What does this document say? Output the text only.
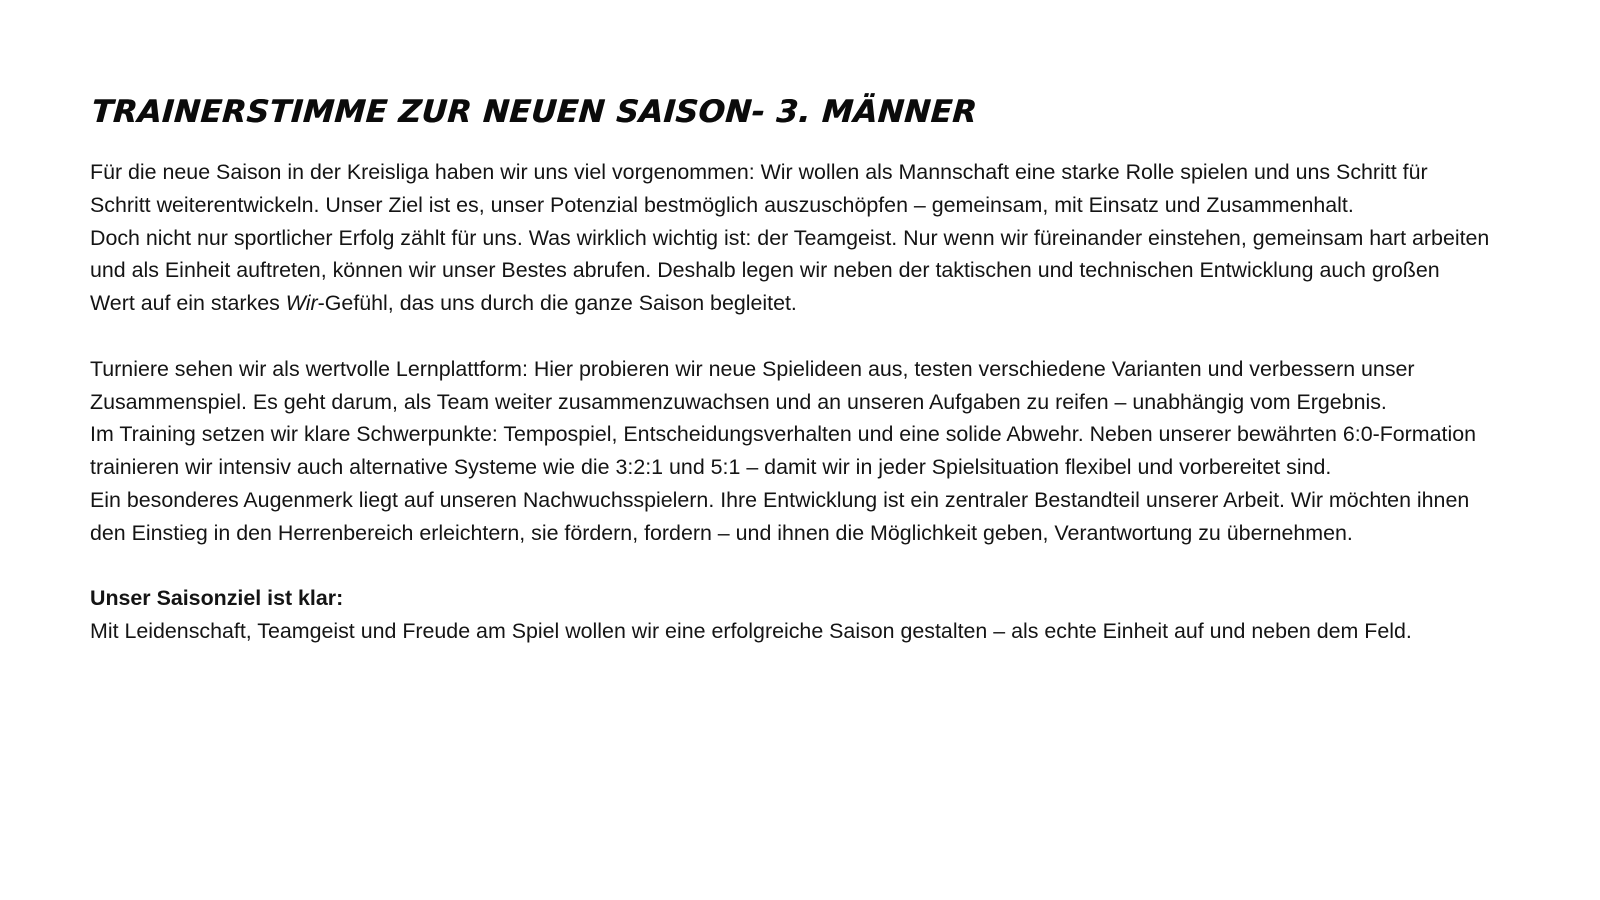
TRAINERSTIMME ZUR NEUEN SAISON- 3. MÄNNER

Für die neue Saison in der Kreisliga haben wir uns viel vorgenommen: Wir wollen als Mannschaft eine starke Rolle spielen und uns Schritt für Schritt weiterentwickeln. Unser Ziel ist es, unser Potenzial bestmöglich auszuschöpfen – gemeinsam, mit Einsatz und Zusammenhalt.

Doch nicht nur sportlicher Erfolg zählt für uns. Was wirklich wichtig ist: der Teamgeist. Nur wenn wir füreinander einstehen, gemeinsam hart arbeiten und als Einheit auftreten, können wir unser Bestes abrufen. Deshalb legen wir neben der taktischen und technischen Entwicklung auch großen Wert auf ein starkes Wir-Gefühl, das uns durch die ganze Saison begleitet.

Turniere sehen wir als wertvolle Lernplattform: Hier probieren wir neue Spielideen aus, testen verschiedene Varianten und verbessern unser Zusammenspiel. Es geht darum, als Team weiter zusammenzuwachsen und an unseren Aufgaben zu reifen – unabhängig vom Ergebnis.

Im Training setzen wir klare Schwerpunkte: Tempospiel, Entscheidungsverhalten und eine solide Abwehr. Neben unserer bewährten 6:0-Formation trainieren wir intensiv auch alternative Systeme wie die 3:2:1 und 5:1 – damit wir in jeder Spielsituation flexibel und vorbereitet sind.

Ein besonderes Augenmerk liegt auf unseren Nachwuchsspielern. Ihre Entwicklung ist ein zentraler Bestandteil unserer Arbeit. Wir möchten ihnen den Einstieg in den Herrenbereich erleichtern, sie fördern, fordern – und ihnen die Möglichkeit geben, Verantwortung zu übernehmen.

Unser Saisonziel ist klar:

Mit Leidenschaft, Teamgeist und Freude am Spiel wollen wir eine erfolgreiche Saison gestalten – als echte Einheit auf und neben dem Feld.
